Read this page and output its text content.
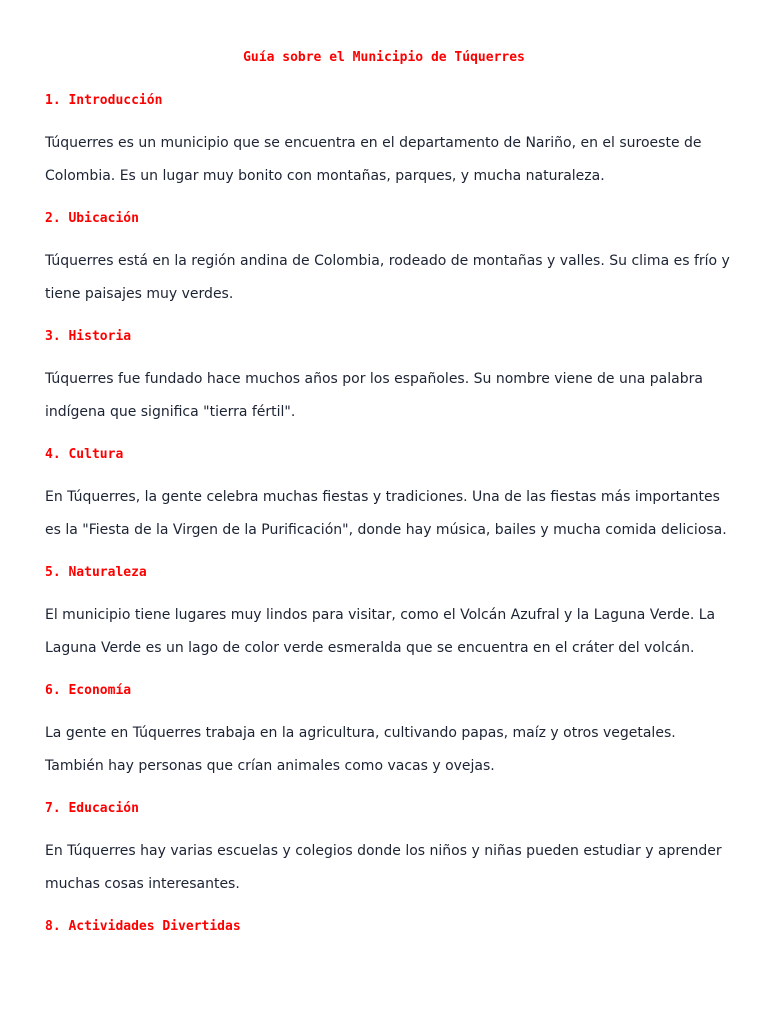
Guía sobre el Municipio de Túquerres
1. Introducción

Túquerres es un municipio que se encuentra en el departamento de Nariño, en el suroeste de Colombia. Es un lugar muy bonito con montañas, parques, y mucha naturaleza.

2. Ubicación

Túquerres está en la región andina de Colombia, rodeado de montañas y valles. Su clima es frío y tiene paisajes muy verdes.

3. Historia

Túquerres fue fundado hace muchos años por los españoles. Su nombre viene de una palabra indígena que significa "tierra fértil".

4. Cultura

En Túquerres, la gente celebra muchas fiestas y tradiciones. Una de las fiestas más importantes es la "Fiesta de la Virgen de la Purificación", donde hay música, bailes y mucha comida deliciosa.

5. Naturaleza

El municipio tiene lugares muy lindos para visitar, como el Volcán Azufral y la Laguna Verde. La Laguna Verde es un lago de color verde esmeralda que se encuentra en el cráter del volcán.

6. Economía

La gente en Túquerres trabaja en la agricultura, cultivando papas, maíz y otros vegetales. También hay personas que crían animales como vacas y ovejas.

7. Educación

En Túquerres hay varias escuelas y colegios donde los niños y niñas pueden estudiar y aprender muchas cosas interesantes.

8. Actividades Divertidas
